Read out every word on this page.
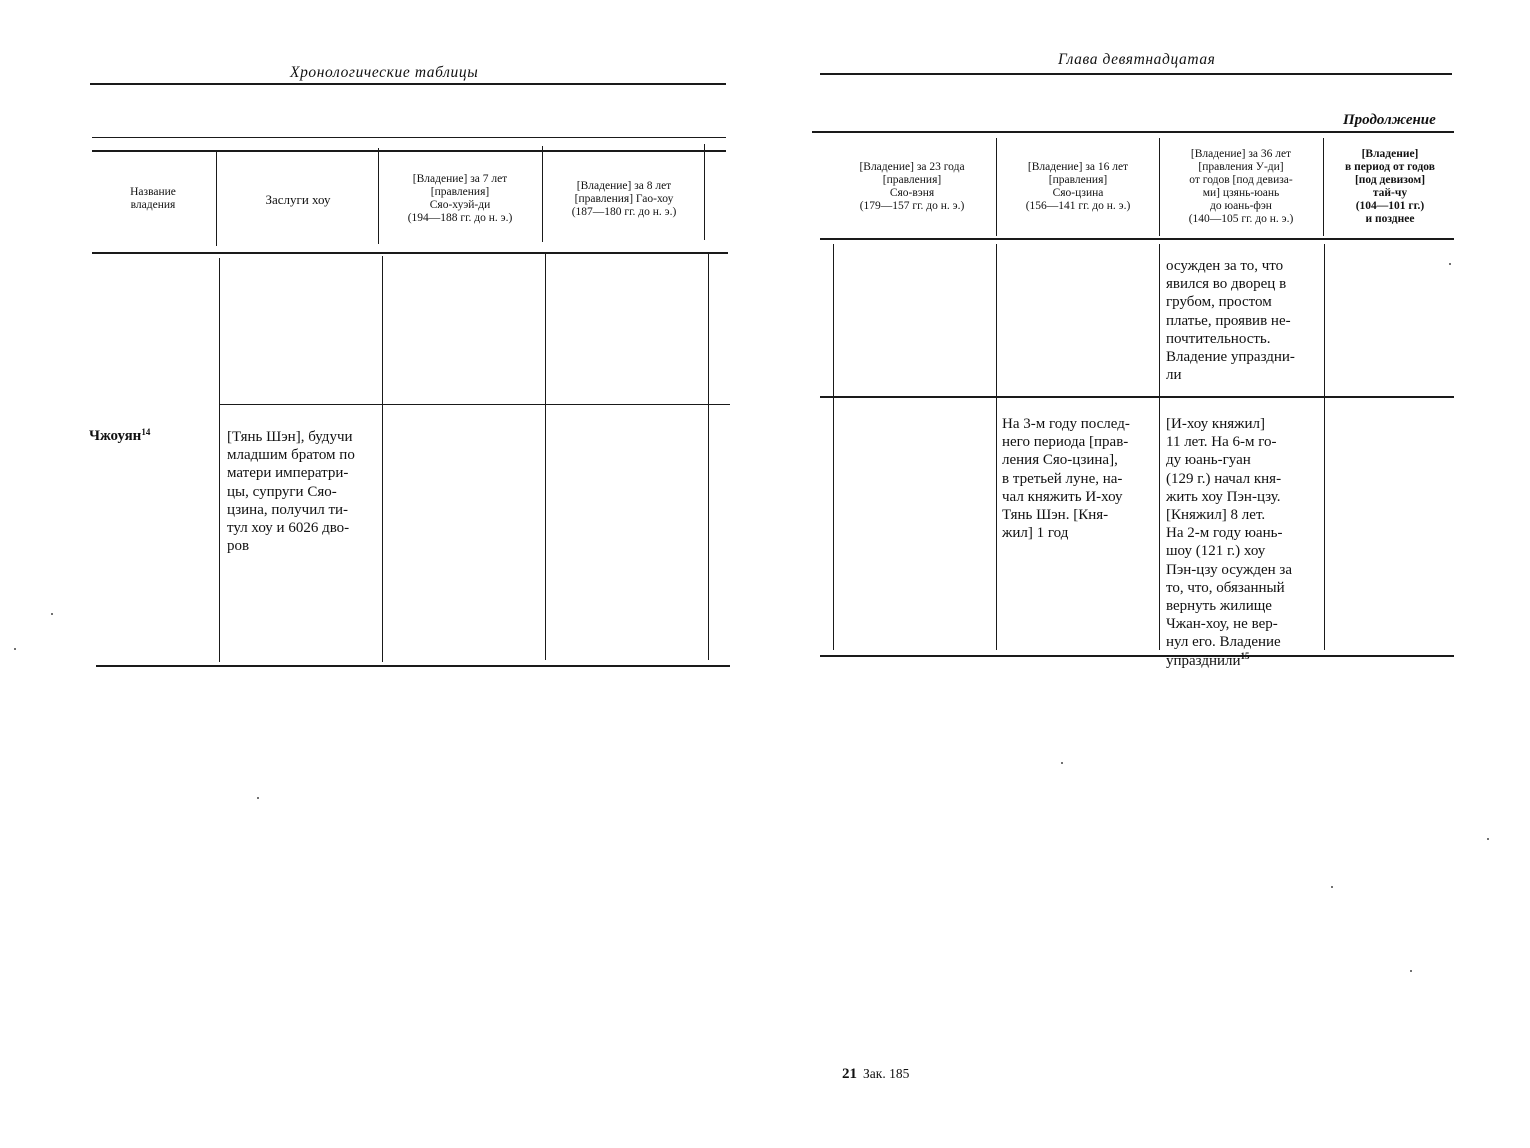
Хронологические таблицы
Название
владения	Заслуги хоу
[Владение] за 7 лет
[правления]
Сяо-хуэй-ди
(194—188 гг. до н. э.)
[Владение] за 8 лет
[правления] Гао-хоу
(187—180 гг. до н. э.)
Чжоуян$^{14}$	[Тянь Шэн], будучи
младшим братом по
матери императри-
цы, супруги Сяо-
цзина, получил ти-
тул хоу и 6026 дво-
ров
Глава девятнадцатая
Продолжение
[Владение] за 23 года
[правления]
Сяо-вэня
(179—157 гг. до н. э.)
[Владение] за 16 лет
[правления]
Сяо-цзина
(156—141 гг. до н. э.)
[Владение] за 36 лет
[правления У-ди]
от годов [под девиза-
ми] цзянь-юань
до юань-фэн
(140—105 гг. до н. э.)
[Владение]
в период от годов
[под девизом]
тай-чу
(104—101 гг.)
и позднее
осужден за то, что
явился во дворец в
грубом, простом
платье, проявив не-
почтительность.
Владение упраздни-
ли
На 3-м году послед-
него периода [прав-
ления Сяо-цзина],
в третьей луне, на-
чал княжить И-хоу
Тянь Шэн. [Кня-
жил] 1 год
[И-хоу княжил]
11 лет. На 6-м го-
ду юань-гуан
(129 г.) начал кня-
жить хоу Пэн-цзу.
[Княжил] 8 лет.
На 2-м году юань-
шоу (121 г.) хоу
Пэн-цзу осужден за
то, что, обязанный
вернуть жилище
Чжан-хоу, не вер-
нул его. Владение
упразднили$^{15}$
21 Зак. 185
